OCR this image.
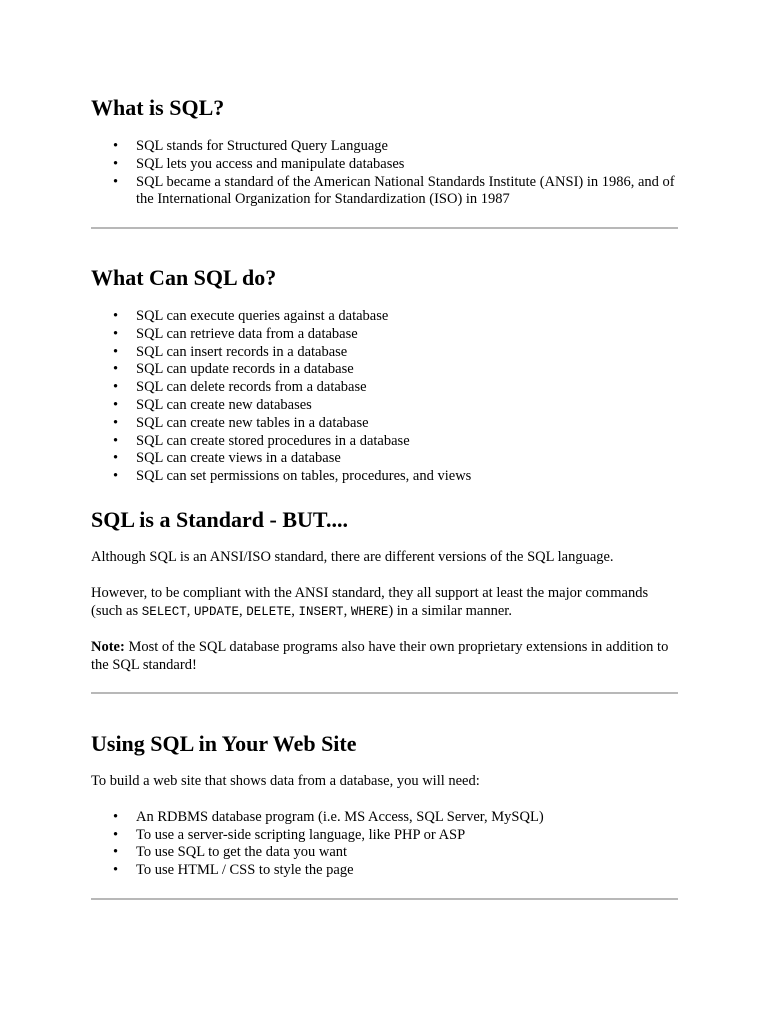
What is SQL?
• SQL stands for Structured Query Language
• SQL lets you access and manipulate databases
• SQL became a standard of the American National Standards Institute (ANSI) in 1986, and of the International Organization for Standardization (ISO) in 1987
What Can SQL do?
• SQL can execute queries against a database
• SQL can retrieve data from a database
• SQL can insert records in a database
• SQL can update records in a database
• SQL can delete records from a database
• SQL can create new databases
• SQL can create new tables in a database
• SQL can create stored procedures in a database
• SQL can create views in a database
• SQL can set permissions on tables, procedures, and views
SQL is a Standard - BUT....

Although SQL is an ANSI/ISO standard, there are different versions of the SQL language.

However, to be compliant with the ANSI standard, they all support at least the major commands (such as SELECT, UPDATE, DELETE, INSERT, WHERE) in a similar manner.

Note: Most of the SQL database programs also have their own proprietary extensions in addition to the SQL standard!

Using SQL in Your Web Site

To build a web site that shows data from a database, you will need:

• An RDBMS database program (i.e. MS Access, SQL Server, MySQL)
• To use a server-side scripting language, like PHP or ASP
• To use SQL to get the data you want
• To use HTML / CSS to style the page
